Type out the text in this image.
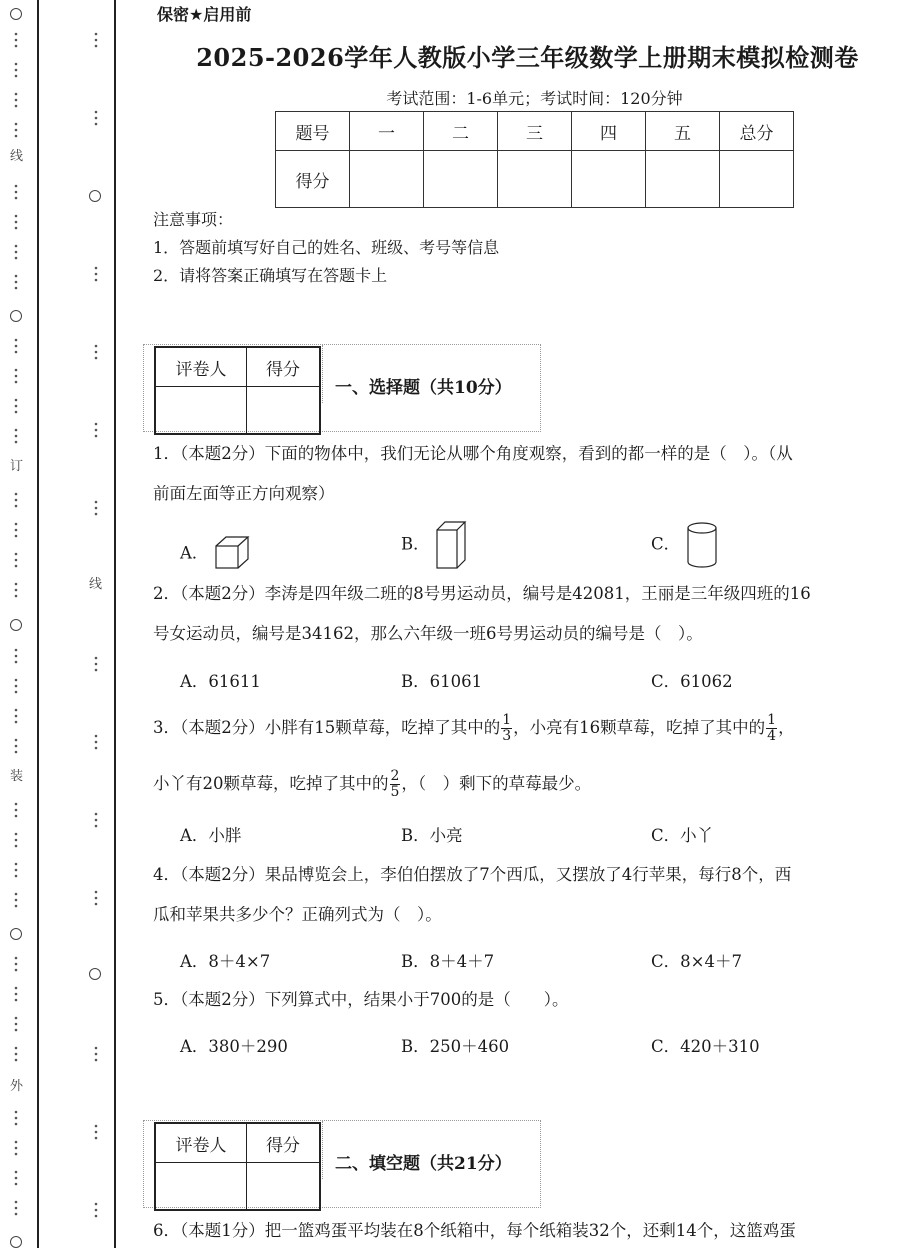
线
订
装
外
线
保密★启用前
2025-2026学年人教版小学三年级数学上册期末模拟检测卷
考试范围：1-6单元；考试时间：120分钟
题号	一	二	三	四	五	总分
得分						
注意事项：
1．答题前填写好自己的姓名、班级、考号等信息
2．请将答案正确填写在答题卡上
评卷人	得分

一、选择题（共10分）
1．（本题2分）下面的物体中，我们无论从哪个角度观察，看到的都一样的是（　）。（从
前面左面等正方向观察）
A．	B．	C．
2．（本题2分）李涛是四年级二班的8号男运动员，编号是42081，王丽是三年级四班的16
号女运动员，编号是34162，那么六年级一班6号男运动员的编号是（　）。
A．61611	B．61061	C．61062
3．（本题2分）小胖有15颗草莓，吃掉了其中的 $\frac{1}{3}$ ，小亮有16颗草莓，吃掉了其中的 $\frac{1}{4}$ ，
小丫有20颗草莓，吃掉了其中的 $\frac{2}{5}$ ，（　）剩下的草莓最少。
A．小胖	B．小亮	C．小丫
4．（本题2分）果品博览会上，李伯伯摆放了7个西瓜，又摆放了4行苹果，每行8个，西
瓜和苹果共多少个？正确列式为（　）。
A．8＋4×7	B．8＋4＋7	C．8×4＋7
5．（本题2分）下列算式中，结果小于700的是（　　）。
A．380＋290	B．250＋460	C．420＋310
评卷人	得分

二、填空题（共21分）
6．（本题1分）把一篮鸡蛋平均装在8个纸箱中，每个纸箱装32个，还剩14个，这篮鸡蛋
